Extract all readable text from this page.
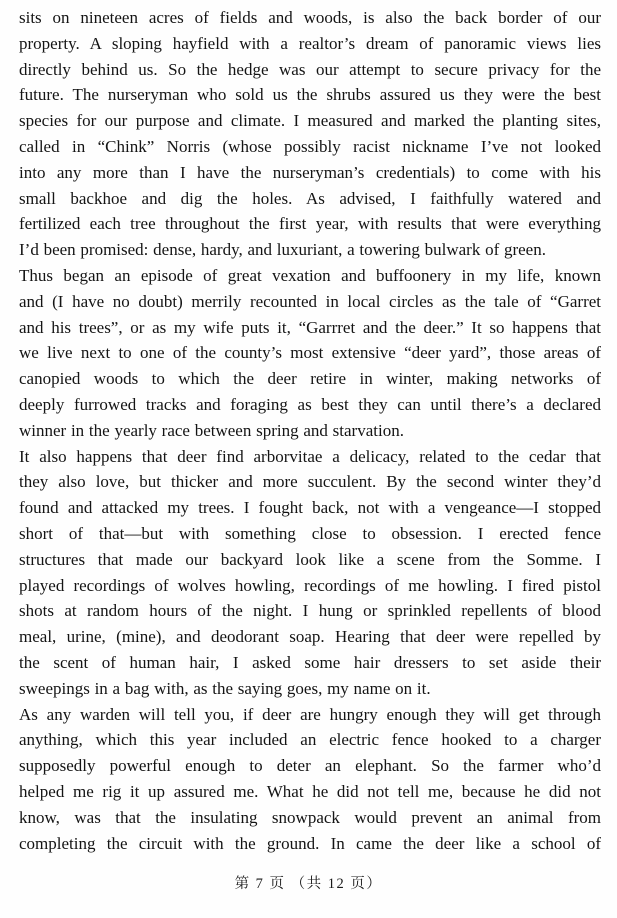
sits on nineteen acres of fields and woods, is also the back border of our
property. A sloping hayfield with a realtor’s dream of panoramic views lies
directly behind us. So the hedge was our attempt to secure privacy for the
future. The nurseryman who sold us the shrubs assured us they were the best
species for our purpose and climate. I measured and marked the planting sites,
called in “Chink” Norris (whose possibly racist nickname I’ve not looked
into any more than I have the nurseryman’s credentials) to come with his
small backhoe and dig the holes. As advised, I faithfully watered and
fertilized each tree throughout the first year, with results that were everything
I’d been promised: dense, hardy, and luxuriant, a towering bulwark of green.
Thus began an episode of great vexation and buffoonery in my life, known
and (I have no doubt) merrily recounted in local circles as the tale of “Garret
and his trees”, or as my wife puts it, “Garrret and the deer.” It so happens that
we live next to one of the county’s most extensive “deer yard”, those areas of
canopied woods to which the deer retire in winter, making networks of
deeply furrowed tracks and foraging as best they can until there’s a declared
winner in the yearly race between spring and starvation.
It also happens that deer find arborvitae a delicacy, related to the cedar that
they also love, but thicker and more succulent. By the second winter they’d
found and attacked my trees. I fought back, not with a vengeance—I stopped
short of that—but with something close to obsession. I erected fence
structures that made our backyard look like a scene from the Somme. I
played recordings of wolves howling, recordings of me howling. I fired pistol
shots at random hours of the night. I hung or sprinkled repellents of blood
meal, urine, (mine), and deodorant soap. Hearing that deer were repelled by
the scent of human hair, I asked some hair dressers to set aside their
sweepings in a bag with, as the saying goes, my name on it.
As any warden will tell you, if deer are hungry enough they will get through
anything, which this year included an electric fence hooked to a charger
supposedly powerful enough to deter an elephant. So the farmer who’d
helped me rig it up assured me. What he did not tell me, because he did not
know, was that the insulating snowpack would prevent an animal from
completing the circuit with the ground. In came the deer like a school of
第 7 页 （共 12 页）
